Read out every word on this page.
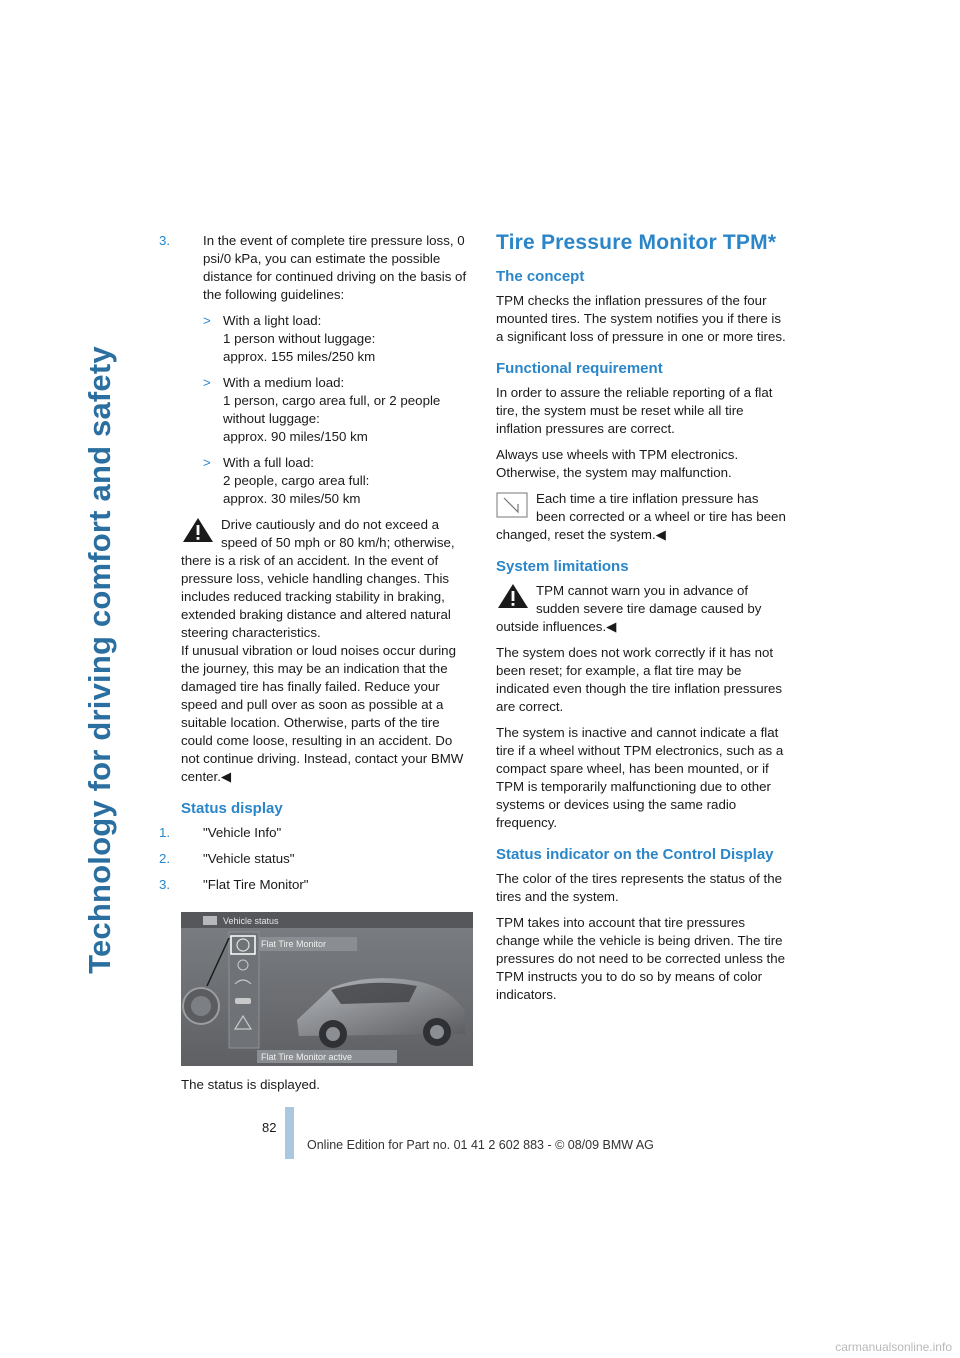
Technology for driving comfort and safety
3. In the event of complete tire pressure loss, 0 psi/0 kPa, you can estimate the possible distance for continued driving on the basis of the following guidelines:
> With a light load:
1 person without luggage:
approx. 155 miles/250 km
> With a medium load:
1 person, cargo area full, or 2 people without luggage:
approx. 90 miles/150 km
> With a full load:
2 people, cargo area full:
approx. 30 miles/50 km

Drive cautiously and do not exceed a speed of 50 mph or 80 km/h; otherwise, there is a risk of an accident. In the event of pressure loss, vehicle handling changes. This includes reduced tracking stability in braking, extended braking distance and altered natural steering characteristics.

If unusual vibration or loud noises occur during the journey, this may be an indication that the damaged tire has finally failed. Reduce your speed and pull over as soon as possible at a suitable location. Otherwise, parts of the tire could come loose, resulting in an accident. Do not continue driving. Instead, contact your BMW center.◀

Status display
1. "Vehicle Info"
2. "Vehicle status"
3. "Flat Tire Monitor"
Vehicle status
Flat Tire Monitor
Flat Tire Monitor active

The status is displayed.

Tire Pressure Monitor TPM*
The concept

TPM checks the inflation pressures of the four mounted tires. The system notifies you if there is a significant loss of pressure in one or more tires.

Functional requirement

In order to assure the reliable reporting of a flat tire, the system must be reset while all tire inflation pressures are correct.

Always use wheels with TPM electronics. Otherwise, the system may malfunction.

Each time a tire inflation pressure has been corrected or a wheel or tire has been changed, reset the system.◀

System limitations

TPM cannot warn you in advance of sudden severe tire damage caused by outside influences.◀

The system does not work correctly if it has not been reset; for example, a flat tire may be indicated even though the tire inflation pressures are correct.

The system is inactive and cannot indicate a flat tire if a wheel without TPM electronics, such as a compact spare wheel, has been mounted, or if TPM is temporarily malfunctioning due to other systems or devices using the same radio frequency.

Status indicator on the Control Display

The color of the tires represents the status of the tires and the system.

TPM takes into account that tire pressures change while the vehicle is being driven. The tire pressures do not need to be corrected unless the TPM instructs you to do so by means of color indicators.

82
Online Edition for Part no. 01 41 2 602 883 - © 08/09 BMW AG
carmanualsonline.info
